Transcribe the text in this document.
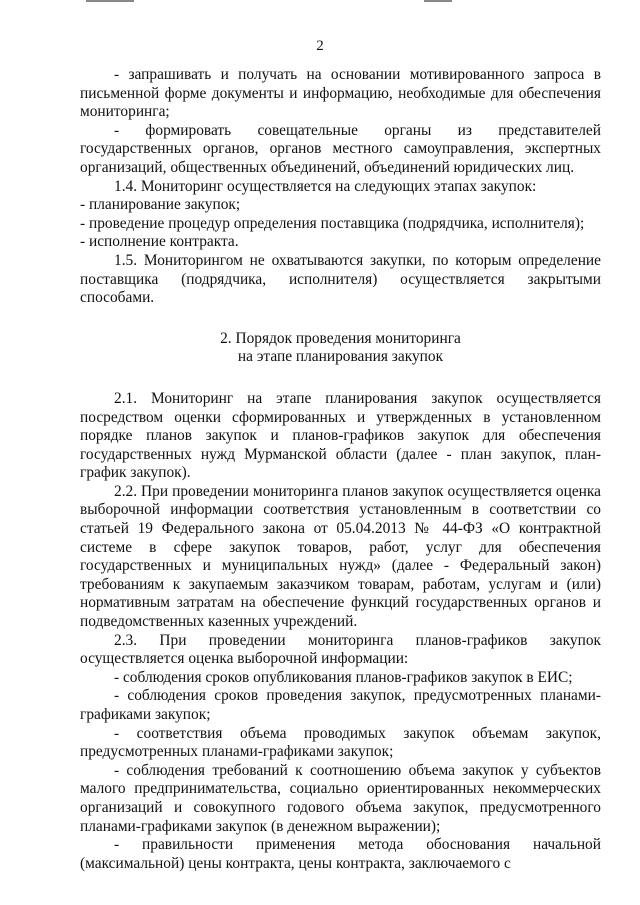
2

- запрашивать и получать на основании мотивированного запроса в письменной форме документы и информацию, необходимые для обеспечения мониторинга;

- формировать совещательные органы из представителей государственных органов, органов местного самоуправления, экспертных организаций, общественных объединений, объединений юридических лиц.

1.4. Мониторинг осуществляется на следующих этапах закупок:

- планирование закупок;

- проведение процедур определения поставщика (подрядчика, исполнителя);

- исполнение контракта.

1.5. Мониторингом не охватываются закупки, по которым определение поставщика (подрядчика, исполнителя) осуществляется закрытыми способами.

2. Порядок проведения мониторинга
на этапе планирования закупок

2.1. Мониторинг на этапе планирования закупок осуществляется посредством оценки сформированных и утвержденных в установленном порядке планов закупок и планов-графиков закупок для обеспечения государственных нужд Мурманской области (далее - план закупок, план-график закупок).

2.2. При проведении мониторинга планов закупок осуществляется оценка выборочной информации соответствия установленным в соответствии со статьей 19 Федерального закона от 05.04.2013 № 44-ФЗ «О контрактной системе в сфере закупок товаров, работ, услуг для обеспечения государственных и муниципальных нужд» (далее - Федеральный закон) требованиям к закупаемым заказчиком товарам, работам, услугам и (или) нормативным затратам на обеспечение функций государственных органов и подведомственных казенных учреждений.

2.3. При проведении мониторинга планов-графиков закупок осуществляется оценка выборочной информации:

- соблюдения сроков опубликования планов-графиков закупок в ЕИС;

- соблюдения сроков проведения закупок, предусмотренных планами-графиками закупок;

- соответствия объема проводимых закупок объемам закупок, предусмотренных планами-графиками закупок;

- соблюдения требований к соотношению объема закупок у субъектов малого предпринимательства, социально ориентированных некоммерческих организаций и совокупного годового объема закупок, предусмотренного планами-графиками закупок (в денежном выражении);

- правильности применения метода обоснования начальной (максимальной) цены контракта, цены контракта, заключаемого с
